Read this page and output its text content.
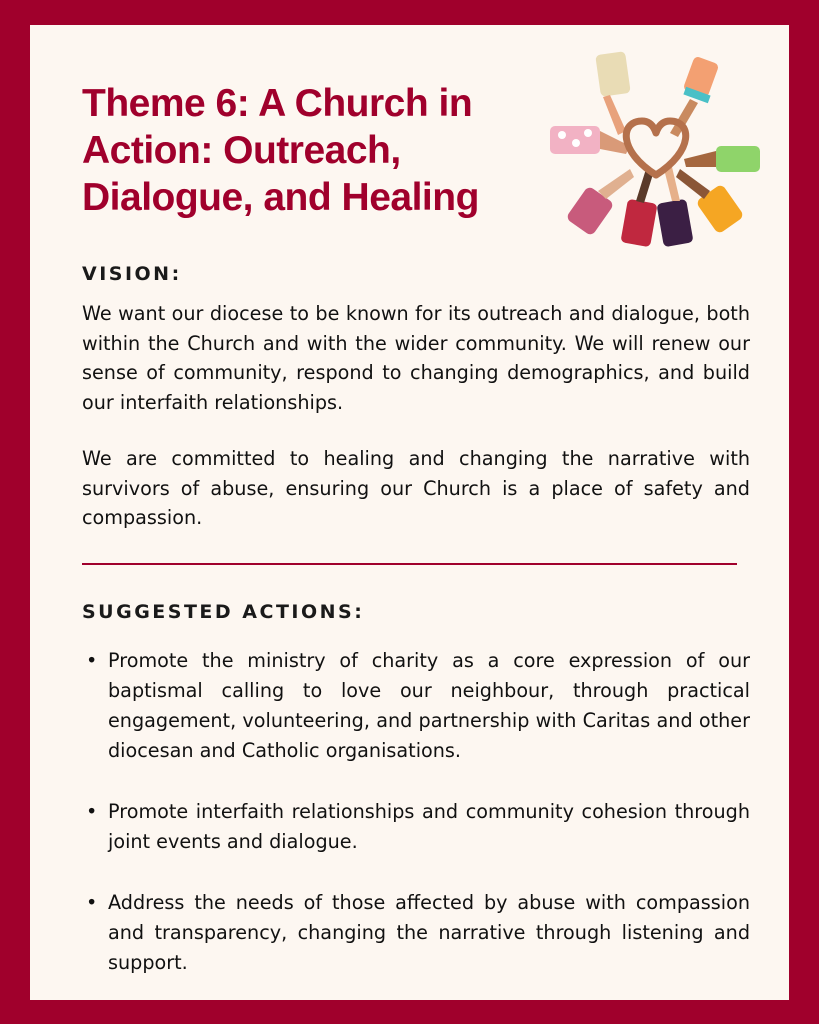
Theme 6: A Church in Action: Outreach, Dialogue, and Healing
VISION:

We want our diocese to be known for its outreach and dialogue, both within the Church and with the wider community. We will renew our sense of community, respond to changing demographics, and build our interfaith relationships.

We are committed to healing and changing the narrative with survivors of abuse, ensuring our Church is a place of safety and compassion.

SUGGESTED ACTIONS:
• Promote the ministry of charity as a core expression of our baptismal calling to love our neighbour, through practical engagement, volunteering, and partnership with Caritas and other diocesan and Catholic organisations.
• Promote interfaith relationships and community cohesion through joint events and dialogue.
• Address the needs of those affected by abuse with compassion and transparency, changing the narrative through listening and support.
